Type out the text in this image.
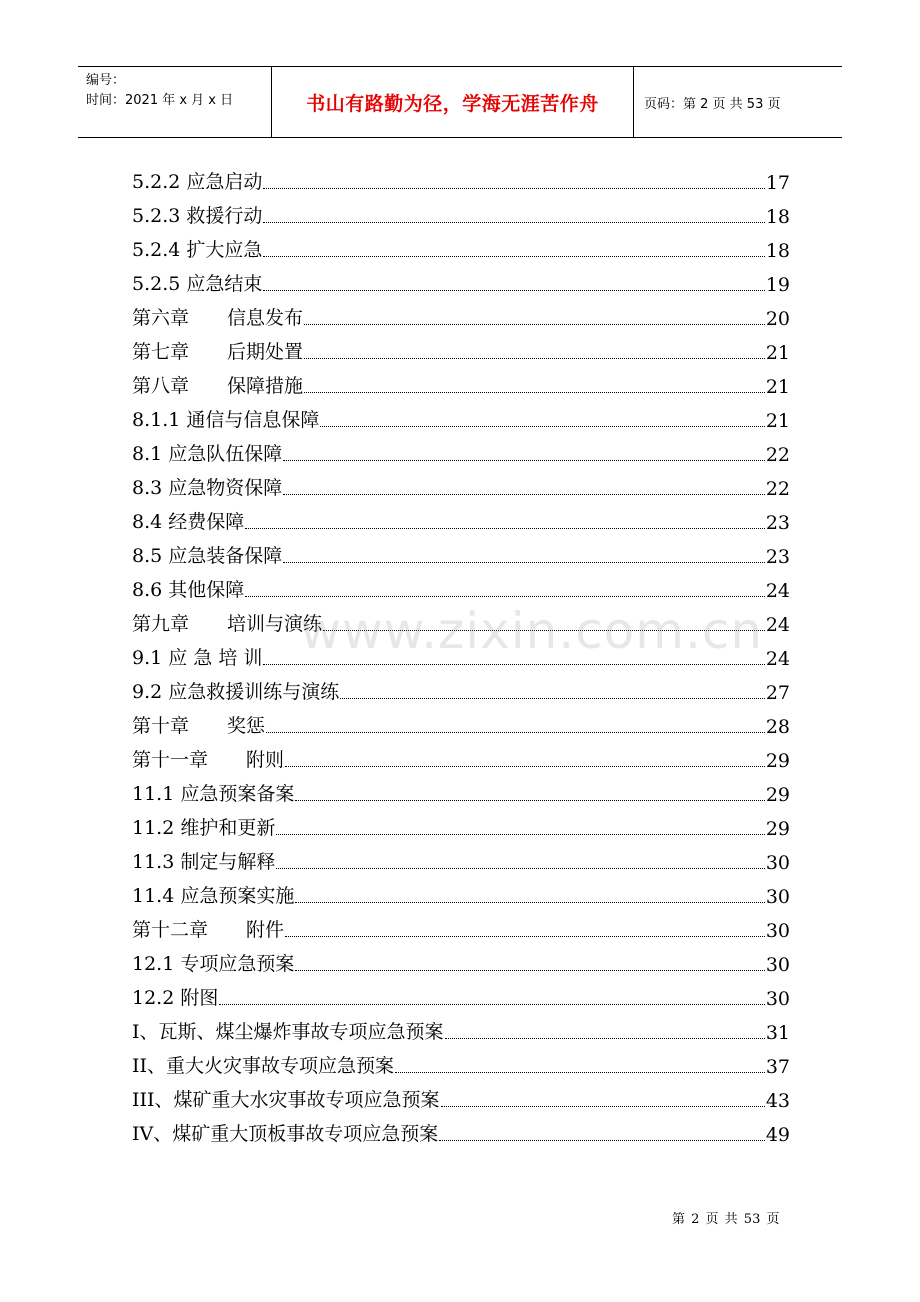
编号：
时间：2021 年 x 月 x 日	书山有路勤为径，学海无涯苦作舟	页码：第 2 页 共 53 页
5.2.2 应急启动	17
5.2.3 救援行动	18
5.2.4 扩大应急	18
5.2.5 应急结束	19
第六章　　信息发布	20
第七章　　后期处置	21
第八章　　保障措施	21
8.1.1 通信与信息保障	21
8.1 应急队伍保障	22
8.3 应急物资保障	22
8.4 经费保障	23
8.5 应急装备保障	23
8.6 其他保障	24
第九章　　培训与演练	24
9.1 应 急 培 训	24
9.2 应急救援训练与演练	27
第十章　　奖惩	28
第十一章　　附则	29
11.1 应急预案备案	29
11.2 维护和更新	29
11.3 制定与解释	30
11.4 应急预案实施	30
第十二章　　附件	30
12.1 专项应急预案	30
12.2 附图	30
I、瓦斯、煤尘爆炸事故专项应急预案	31
II、重大火灾事故专项应急预案	37
III、煤矿重大水灾事故专项应急预案	43
IV、煤矿重大顶板事故专项应急预案	49
www.zixin.com.cn
第 2 页 共 53 页
